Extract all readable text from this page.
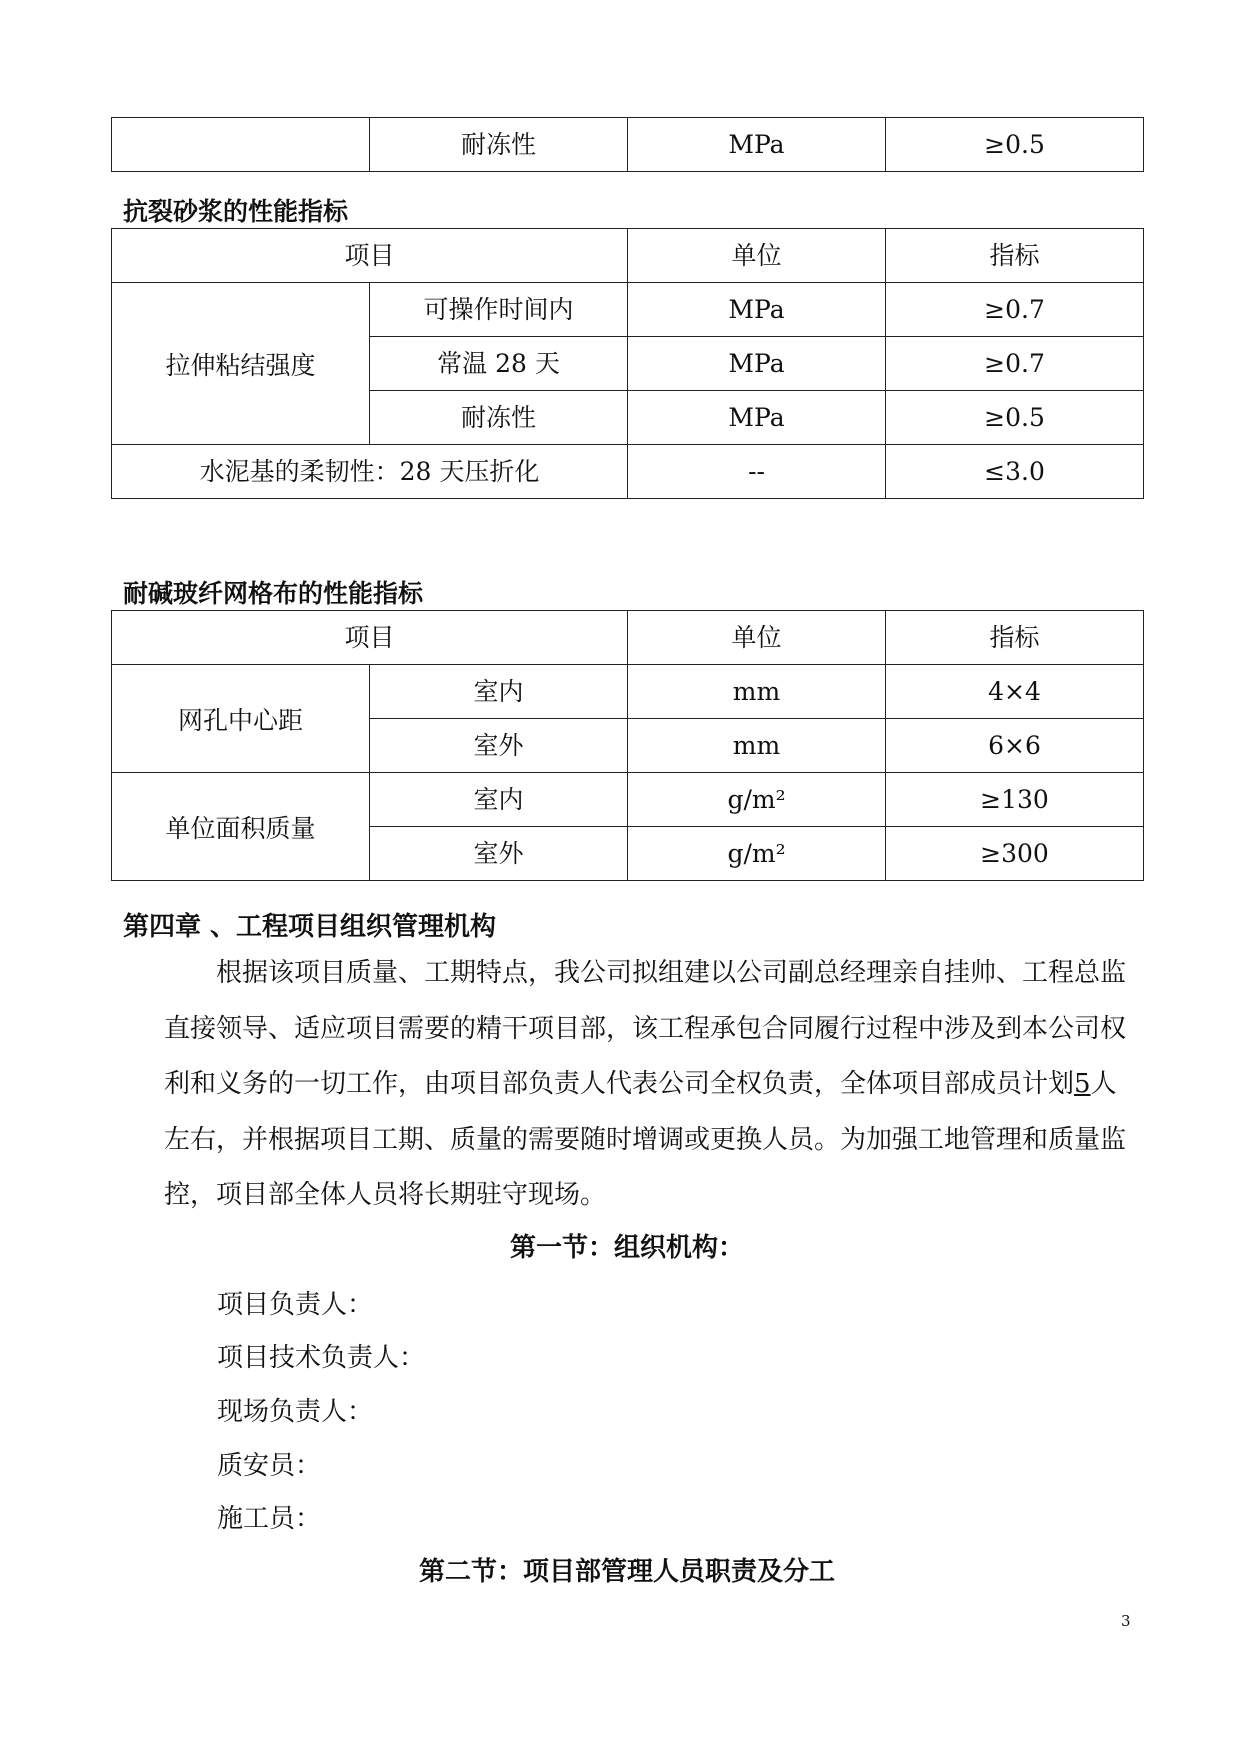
	耐冻性	MPa	≥0.5
抗裂砂浆的性能指标
项目		单位	指标
拉伸粘结强度	可操作时间内	MPa	≥0.7
	常温 28 天	MPa	≥0.7
	耐冻性	MPa	≥0.5
水泥基的柔韧性：28 天压折化		--	≤3.0
耐碱玻纤网格布的性能指标
项目		单位	指标
网孔中心距	室内	mm	4×4
	室外	mm	6×6
单位面积质量	室内	g/m²	≥130
	室外	g/m²	≥300
第四章 、工程项目组织管理机构
根据该项目质量、工期特点，我公司拟组建以公司副总经理亲自挂帅、工程总监直接领导、适应项目需要的精干项目部，该工程承包合同履行过程中涉及到本公司权利和义务的一切工作，由项目部负责人代表公司全权负责，全体项目部成员计划5人左右，并根据项目工期、质量的需要随时增调或更换人员。为加强工地管理和质量监控，项目部全体人员将长期驻守现场。
第一节：组织机构：
项目负责人：
项目技术负责人：
现场负责人：
质安员：
施工员：
第二节：项目部管理人员职责及分工
3
